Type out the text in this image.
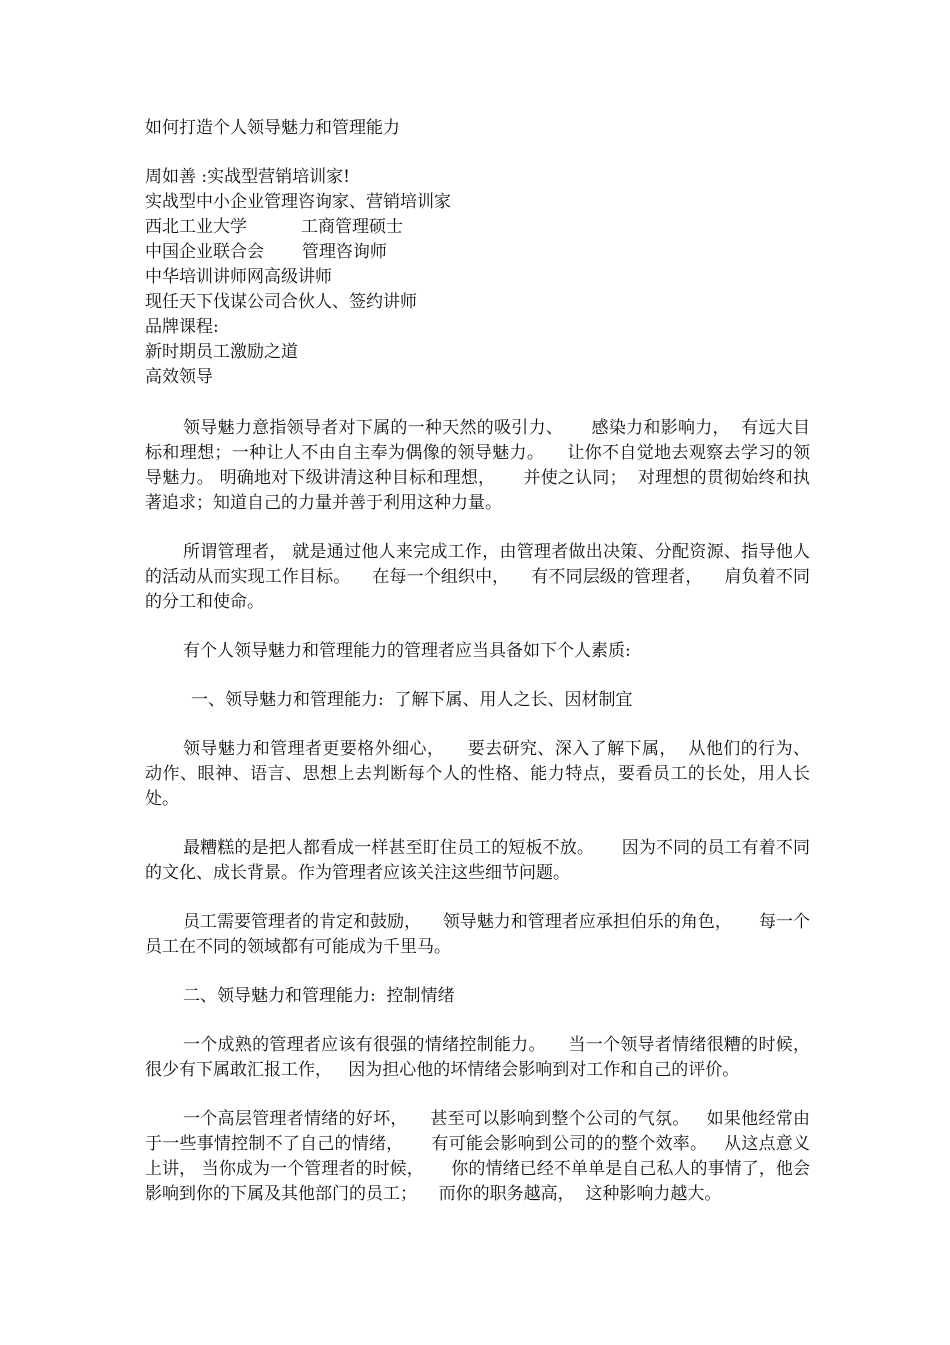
如何打造个人领导魅力和管理能力
周如善 :实战型营销培训家!
实战型中小企业管理咨询家、营销培训家
西北工业大学          工商管理硕士
中国企业联合会       管理咨询师
中华培训讲师网高级讲师
现任天下伐谋公司合伙人、签约讲师
品牌课程:
新时期员工激励之道
高效领导

领导魅力意指领导者对下属的一种天然的吸引力、     感染力和影响力，  有远大目标和理想；一种让人不由自主奉为偶像的领导魅力。    让你不自觉地去观察去学习的领导魅力。 明确地对下级讲清这种目标和理想，     并使之认同；  对理想的贯彻始终和执著追求；知道自己的力量并善于利用这种力量。

所谓管理者， 就是通过他人来完成工作，由管理者做出决策、分配资源、指导他人的活动从而实现工作目标。    在每一个组织中，    有不同层级的管理者，    肩负着不同的分工和使命。

有个人领导魅力和管理能力的管理者应当具备如下个人素质:

一、领导魅力和管理能力:  了解下属、用人之长、因材制宜

领导魅力和管理者更要格外细心，    要去研究、深入了解下属，  从他们的行为、动作、眼神、语言、思想上去判断每个人的性格、能力特点，要看员工的长处，用人长处。

最糟糕的是把人都看成一样甚至盯住员工的短板不放。     因为不同的员工有着不同的文化、成长背景。作为管理者应该关注这些细节问题。

员工需要管理者的肯定和鼓励，    领导魅力和管理者应承担伯乐的角色，     每一个员工在不同的领域都有可能成为千里马。

二、领导魅力和管理能力:  控制情绪

一个成熟的管理者应该有很强的情绪控制能力。    当一个领导者情绪很糟的时候，很少有下属敢汇报工作，   因为担心他的坏情绪会影响到对工作和自己的评价。

一个高层管理者情绪的好坏，    甚至可以影响到整个公司的气氛。   如果他经常由于一些事情控制不了自己的情绪，     有可能会影响到公司的的整个效率。   从这点意义上讲， 当你成为一个管理者的时候，     你的情绪已经不单单是自己私人的事情了，他会影响到你的下属及其他部门的员工；    而你的职务越高，  这种影响力越大。
